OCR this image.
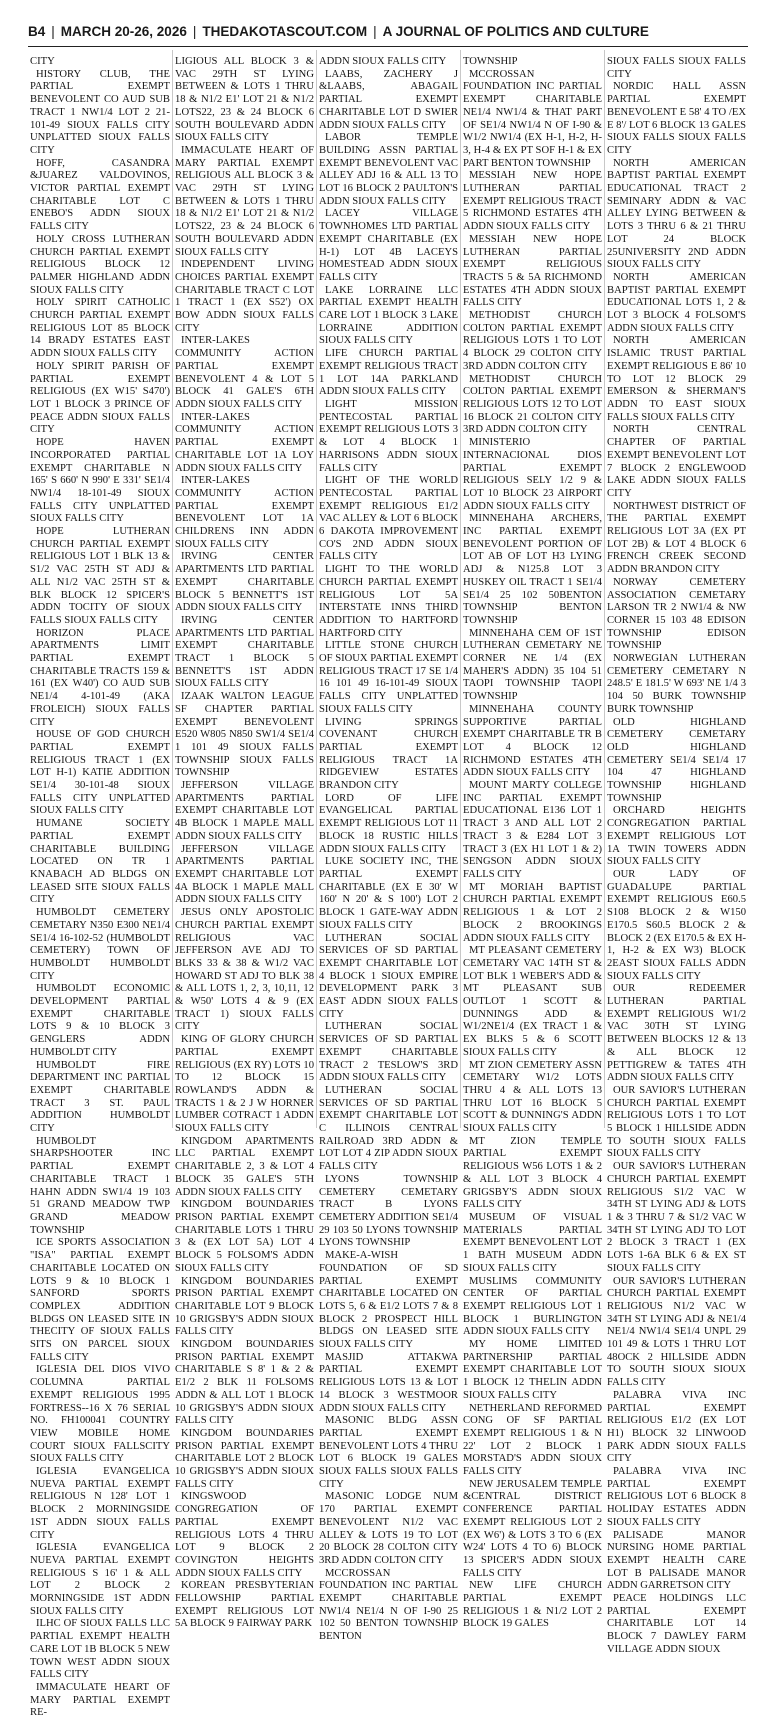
B4 | MARCH 20-26, 2026 | THEDAKOTASCOUT.COM | A JOURNAL OF POLITICS AND CULTURE

CITY

HISTORY CLUB, THE PARTIAL EXEMPT BENEVOLENT CO AUD SUB TRACT 1 NW1/4 LOT 2 21-101-49 SIOUX FALLS CITY UNPLATTED SIOUX FALLS CITY

HOFF, CASANDRA &JUAREZ VALDOVINOS, VICTOR PARTIAL EXEMPT CHARITABLE LOT C ENEBO'S ADDN SIOUX FALLS CITY

HOLY CROSS LUTHERAN CHURCH PARTIAL EXEMPT RELIGIOUS BLOCK 12 PALMER HIGHLAND ADDN SIOUX FALLS CITY

HOLY SPIRIT CATHOLIC CHURCH PARTIAL EXEMPT RELIGIOUS LOT 85 BLOCK 14 BRADY ESTATES EAST ADDN SIOUX FALLS CITY

HOLY SPIRIT PARISH OF PARTIAL EXEMPT RELIGIOUS (EX W15' S470') LOT 1 BLOCK 3 PRINCE OF PEACE ADDN SIOUX FALLS CITY

HOPE HAVEN INCORPORATED PARTIAL EXEMPT CHARITABLE N 165' S 660' N 990' E 331' SE1/4 NW1/4 18-101-49 SIOUX FALLS CITY UNPLATTED SIOUX FALLS CITY

HOPE LUTHERAN CHURCH PARTIAL EXEMPT RELIGIOUS LOT 1 BLK 13 & S1/2 VAC 25TH ST ADJ & ALL N1/2 VAC 25TH ST & BLK BLOCK 12 SPICER'S ADDN TOCITY OF SIOUX FALLS SIOUX FALLS CITY

HORIZON PLACE APARTMENTS LIMIT PARTIAL EXEMPT CHARITABLE TRACTS 159 & 161 (EX W40') CO AUD SUB NE1/4 4-101-49 (AKA FROLEICH) SIOUX FALLS CITY

HOUSE OF GOD CHURCH PARTIAL EXEMPT RELIGIOUS TRACT 1 (EX LOT H-1) KATIE ADDITION SE1/4 30-101-48 SIOUX FALLS CITY UNPLATTED SIOUX FALLS CITY

HUMANE SOCIETY PARTIAL EXEMPT CHARITABLE BUILDING LOCATED ON TR 1 KNABACH AD BLDGS ON LEASED SITE SIOUX FALLS CITY

HUMBOLDT CEMETERY CEMETARY N350 E300 NE1/4 SE1/4 16-102-52 (HUMBOLDT CEMETERY) TOWN OF HUMBOLDT HUMBOLDT CITY

HUMBOLDT ECONOMIC DEVELOPMENT PARTIAL EXEMPT CHARITABLE LOTS 9 & 10 BLOCK 3 GENGLERS ADDN HUMBOLDT CITY

HUMBOLDT FIRE DEPARTMENT INC PARTIAL EXEMPT CHARITABLE TRACT 3 ST. PAUL ADDITION HUMBOLDT CITY

HUMBOLDT SHARPSHOOTER INC PARTIAL EXEMPT CHARITABLE TRACT 1 HAHN ADDN SW1/4 19 103 51 GRAND MEADOW TWP GRAND MEADOW TOWNSHIP

ICE SPORTS ASSOCIATION "ISA" PARTIAL EXEMPT CHARITABLE LOCATED ON LOTS 9 & 10 BLOCK 1 SANFORD SPORTS COMPLEX ADDITION BLDGS ON LEASED SITE IN THECITY OF SIOUX FALLS SITS ON PARCEL SIOUX FALLS CITY

IGLESIA DEL DIOS VIVO COLUMNA PARTIAL EXEMPT RELIGIOUS 1995 FORTRESS--16 X 76 SERIAL NO. FH100041 COUNTRY VIEW MOBILE HOME COURT SIOUX FALLSCITY SIOUX FALLS CITY

IGLESIA EVANGELICA NUEVA PARTIAL EXEMPT RELIGIOUS N 128' LOT 1 BLOCK 2 MORNINGSIDE 1ST ADDN SIOUX FALLS CITY

IGLESIA EVANGELICA NUEVA PARTIAL EXEMPT RELIGIOUS S 16' 1 & ALL LOT 2 BLOCK 2 MORNINGSIDE 1ST ADDN SIOUX FALLS CITY

ILHC OF SIOUX FALLS LLC PARTIAL EXEMPT HEALTH CARE LOT 1B BLOCK 5 NEW TOWN WEST ADDN SIOUX FALLS CITY

IMMACULATE HEART OF MARY PARTIAL EXEMPT RE-

LIGIOUS ALL BLOCK 3 & VAC 29TH ST LYING BETWEEN & LOTS 1 THRU 18 & N1/2 E1' LOT 21 & N1/2 LOTS22, 23 & 24 BLOCK 6 SOUTH BOULEVARD ADDN SIOUX FALLS CITY

IMMACULATE HEART OF MARY PARTIAL EXEMPT RELIGIOUS ALL BLOCK 3 & VAC 29TH ST LYING BETWEEN & LOTS 1 THRU 18 & N1/2 E1' LOT 21 & N1/2 LOTS22, 23 & 24 BLOCK 6 SOUTH BOULEVARD ADDN SIOUX FALLS CITY

INDEPENDENT LIVING CHOICES PARTIAL EXEMPT CHARITABLE TRACT C LOT 1 TRACT 1 (EX S52') OX BOW ADDN SIOUX FALLS CITY

INTER-LAKES COMMUNITY ACTION PARTIAL EXEMPT BENEVOLENT 4 & LOT 5 BLOCK 41 GALE'S 6TH ADDN SIOUX FALLS CITY

INTER-LAKES COMMUNITY ACTION PARTIAL EXEMPT CHARITABLE LOT 1A LOY ADDN SIOUX FALLS CITY

INTER-LAKES COMMUNITY ACTION PARTIAL EXEMPT BENEVOLENT LOT 1A CHILDRENS INN ADDN SIOUX FALLS CITY

IRVING CENTER APARTMENTS LTD PARTIAL EXEMPT CHARITABLE BLOCK 5 BENNETT'S 1ST ADDN SIOUX FALLS CITY

IRVING CENTER APARTMENTS LTD PARTIAL EXEMPT CHARITABLE TRACT 1 BLOCK 5 BENNETT'S 1ST ADDN SIOUX FALLS CITY

IZAAK WALTON LEAGUE SF CHAPTER PARTIAL EXEMPT BENEVOLENT E520 W805 N850 SW1/4 SE1/4 1 101 49 SIOUX FALLS TOWNSHIP SIOUX FALLS TOWNSHIP

JEFFERSON VILLAGE APARTMENTS PARTIAL EXEMPT CHARITABLE LOT 4B BLOCK 1 MAPLE MALL ADDN SIOUX FALLS CITY

JEFFERSON VILLAGE APARTMENTS PARTIAL EXEMPT CHARITABLE LOT 4A BLOCK 1 MAPLE MALL ADDN SIOUX FALLS CITY

JESUS ONLY APOSTOLIC CHURCH PARTIAL EXEMPT RELIGIOUS VAC JEFFERSON AVE ADJ TO BLKS 33 & 38 & W1/2 VAC HOWARD ST ADJ TO BLK 38 & ALL LOTS 1, 2, 3, 10,11, 12 & W50' LOTS 4 & 9 (EX TRACT 1) SIOUX FALLS CITY

KING OF GLORY CHURCH PARTIAL EXEMPT RELIGIOUS (EX RY) LOTS 10 TO 12 BLOCK 15 ROWLAND'S ADDN & TRACTS 1 & 2 J W HORNER LUMBER COTRACT 1 ADDN SIOUX FALLS CITY

KINGDOM APARTMENTS LLC PARTIAL EXEMPT CHARITABLE 2, 3 & LOT 4 BLOCK 35 GALE'S 5TH ADDN SIOUX FALLS CITY

KINGDOM BOUNDARIES PRISON PARTIAL EXEMPT CHARITABLE LOTS 1 THRU 3 & (EX LOT 5A) LOT 4 BLOCK 5 FOLSOM'S ADDN SIOUX FALLS CITY

KINGDOM BOUNDARIES PRISON PARTIAL EXEMPT CHARITABLE LOT 9 BLOCK 10 GRIGSBY'S ADDN SIOUX FALLS CITY

KINGDOM BOUNDARIES PRISON PARTIAL EXEMPT CHARITABLE S 8' 1 & 2 & E1/2 2 BLK 11 FOLSOMS ADDN & ALL LOT 1 BLOCK 10 GRIGSBY'S ADDN SIOUX FALLS CITY

KINGDOM BOUNDARIES PRISON PARTIAL EXEMPT CHARITABLE LOT 2 BLOCK 10 GRIGSBY'S ADDN SIOUX FALLS CITY

KINGSWOOD CONGREGATION OF PARTIAL EXEMPT RELIGIOUS LOTS 4 THRU LOT 9 BLOCK 2 COVINGTON HEIGHTS ADDN SIOUX FALLS CITY

KOREAN PRESBYTERIAN FELLOWSHIP PARTIAL EXEMPT RELIGIOUS LOT 5A BLOCK 9 FAIRWAY PARK

ADDN SIOUX FALLS CITY

LAABS, ZACHERY J &LAABS, ABAGAIL PARTIAL EXEMPT CHARITABLE LOT D SWIER ADDN SIOUX FALLS CITY

LABOR TEMPLE BUILDING ASSN PARTIAL EXEMPT BENEVOLENT VAC ALLEY ADJ 16 & ALL 13 TO LOT 16 BLOCK 2 PAULTON'S ADDN SIOUX FALLS CITY

LACEY VILLAGE TOWNHOMES LTD PARTIAL EXEMPT CHARITABLE (EX H-1) LOT 4B LACEYS HOMESTEAD ADDN SIOUX FALLS CITY

LAKE LORRAINE LLC PARTIAL EXEMPT HEALTH CARE LOT 1 BLOCK 3 LAKE LORRAINE ADDITION SIOUX FALLS CITY

LIFE CHURCH PARTIAL EXEMPT RELIGIOUS TRACT 1 LOT 14A PARKLAND ADDN SIOUX FALLS CITY

LIGHT MISSION PENTECOSTAL PARTIAL EXEMPT RELIGIOUS LOTS 3 & LOT 4 BLOCK 1 HARRISONS ADDN SIOUX FALLS CITY

LIGHT OF THE WORLD PENTECOSTAL PARTIAL EXEMPT RELIGIOUS E1/2 VAC ALLEY & LOT 6 BLOCK 6 DAKOTA IMPROVEMENT CO'S 2ND ADDN SIOUX FALLS CITY

LIGHT TO THE WORLD CHURCH PARTIAL EXEMPT RELIGIOUS LOT 5A INTERSTATE INNS THIRD ADDITION TO HARTFORD HARTFORD CITY

LITTLE STONE CHURCH OF SIOUX PARTIAL EXEMPT RELIGIOUS TRACT 17 SE 1/4 16 101 49 16-101-49 SIOUX FALLS CITY UNPLATTED SIOUX FALLS CITY

LIVING SPRINGS COVENANT CHURCH PARTIAL EXEMPT RELIGIOUS TRACT 1A RIDGEVIEW ESTATES BRANDON CITY

LORD OF LIFE EVANGELICAL PARTIAL EXEMPT RELIGIOUS LOT 11 BLOCK 18 RUSTIC HILLS ADDN SIOUX FALLS CITY

LUKE SOCIETY INC, THE PARTIAL EXEMPT CHARITABLE (EX E 30' W 160' N 20' & S 100') LOT 2 BLOCK 1 GATE-WAY ADDN SIOUX FALLS CITY

LUTHERAN SOCIAL SERVICES OF SD PARTIAL EXEMPT CHARITABLE LOT 4 BLOCK 1 SIOUX EMPIRE DEVELOPMENT PARK 3 EAST ADDN SIOUX FALLS CITY

LUTHERAN SOCIAL SERVICES OF SD PARTIAL EXEMPT CHARITABLE TRACT 2 TESLOW'S 3RD ADDN SIOUX FALLS CITY

LUTHERAN SOCIAL SERVICES OF SD PARTIAL EXEMPT CHARITABLE LOT C ILLINOIS CENTRAL RAILROAD 3RD ADDN & LOT LOT 4 ZIP ADDN SIOUX FALLS CITY

LYONS TOWNSHIP CEMETERY CEMETARY TRACT B LYONS CEMETERY ADDITION SE1/4 29 103 50 LYONS TOWNSHIP LYONS TOWNSHIP

MAKE-A-WISH FOUNDATION OF SD PARTIAL EXEMPT CHARITABLE LOCATED ON LOTS 5, 6 & E1/2 LOTS 7 & 8 BLOCK 2 PROSPECT HILL BLDGS ON LEASED SITE SIOUX FALLS CITY

MASJID ATTAKWA PARTIAL EXEMPT RELIGIOUS LOTS 13 & LOT 14 BLOCK 3 WESTMOOR ADDN SIOUX FALLS CITY

MASONIC BLDG ASSN PARTIAL EXEMPT BENEVOLENT LOTS 4 THRU LOT 6 BLOCK 19 GALES SIOUX FALLS SIOUX FALLS CITY

MASONIC LODGE NUM 170 PARTIAL EXEMPT BENEVOLENT N1/2 VAC ALLEY & LOTS 19 TO LOT 20 BLOCK 28 COLTON CITY 3RD ADDN COLTON CITY

MCCROSSAN FOUNDATION INC PARTIAL EXEMPT CHARITABLE NW1/4 NE1/4 N OF I-90 25 102 50 BENTON TOWNSHIP BENTON

TOWNSHIP

MCCROSSAN FOUNDATION INC PARTIAL EXEMPT CHARITABLE NE1/4 NW1/4 & THAT PART OF SE1/4 NW1/4 N OF I-90 & W1/2 NW1/4 (EX H-1, H-2, H-3, H-4 & EX PT SOF H-1 & EX PART BENTON TOWNSHIP

MESSIAH NEW HOPE LUTHERAN PARTIAL EXEMPT RELIGIOUS TRACT 5 RICHMOND ESTATES 4TH ADDN SIOUX FALLS CITY

MESSIAH NEW HOPE LUTHERAN PARTIAL EXEMPT RELIGIOUS TRACTS 5 & 5A RICHMOND ESTATES 4TH ADDN SIOUX FALLS CITY

METHODIST CHURCH COLTON PARTIAL EXEMPT RELIGIOUS LOTS 1 TO LOT 4 BLOCK 29 COLTON CITY 3RD ADDN COLTON CITY

METHODIST CHURCH COLTON PARTIAL EXEMPT RELIGIOUS LOTS 12 TO LOT 16 BLOCK 21 COLTON CITY 3RD ADDN COLTON CITY

MINISTERIO INTERNACIONAL DIOS PARTIAL EXEMPT RELIGIOUS SELY 1/2 9 & LOT 10 BLOCK 23 AIRPORT ADDN SIOUX FALLS CITY

MINNEHAHA ARCHERS, INC PARTIAL EXEMPT BENEVOLENT PORTION OF LOT AB OF LOT H3 LYING ADJ & N125.8 LOT 3 HUSKEY OIL TRACT 1 SE1/4 SE1/4 25 102 50BENTON TOWNSHIP BENTON TOWNSHIP

MINNEHAHA CEM OF 1ST LUTHERAN CEMETARY NE CORNER NE 1/4 (EX MAHER'S ADDN) 35 104 51 TAOPI TOWNSHIP TAOPI TOWNSHIP

MINNEHAHA COUNTY SUPPORTIVE PARTIAL EXEMPT CHARITABLE TR B LOT 4 BLOCK 12 RICHMOND ESTATES 4TH ADDN SIOUX FALLS CITY

MOUNT MARTY COLLEGE INC PARTIAL EXEMPT EDUCATIONAL E136 LOT 1 TRACT 3 AND ALL LOT 2 TRACT 3 & E284 LOT 3 TRACT 3 (EX H1 LOT 1 & 2) SENGSON ADDN SIOUX FALLS CITY

MT MORIAH BAPTIST CHURCH PARTIAL EXEMPT RELIGIOUS 1 & LOT 2 BLOCK 2 BROOKINGS ADDN SIOUX FALLS CITY

MT PLEASANT CEMETERY CEMETARY VAC 14TH ST & LOT BLK 1 WEBER'S ADD & MT PLEASANT SUB OUTLOT 1 SCOTT & DUNNINGS ADD & W1/2NE1/4 (EX TRACT 1 & EX BLKS 5 & 6 SCOTT SIOUX FALLS CITY

MT ZION CEMETERY ASSN CEMETARY W1/2 LOTS THRU 4 & ALL LOTS 13 THRU LOT 16 BLOCK 5 SCOTT & DUNNING'S ADDN SIOUX FALLS CITY

MT ZION TEMPLE PARTIAL EXEMPT RELIGIOUS W56 LOTS 1 & 2 & ALL LOT 3 BLOCK 4 GRIGSBY'S ADDN SIOUX FALLS CITY

MUSEUM OF VISUAL MATERIALS PARTIAL EXEMPT BENEVOLENT LOT 1 BATH MUSEUM ADDN SIOUX FALLS CITY

MUSLIMS COMMUNITY CENTER OF PARTIAL EXEMPT RELIGIOUS LOT 1 BLOCK 1 BURLINGTON ADDN SIOUX FALLS CITY

MY HOME LIMITED PARTNERSHIP PARTIAL EXEMPT CHARITABLE LOT 1 BLOCK 12 THELIN ADDN SIOUX FALLS CITY

NETHERLAND REFORMED CONG OF SF PARTIAL EXEMPT RELIGIOUS 1 & N 22' LOT 2 BLOCK 1 MORSTAD'S ADDN SIOUX FALLS CITY

NEW JERUSALEM TEMPLE &CENTRAL DISTRICT CONFERENCE PARTIAL EXEMPT RELIGIOUS LOT 2 (EX W6') & LOTS 3 TO 6 (EX W24' LOTS 4 TO 6) BLOCK 13 SPICER'S ADDN SIOUX FALLS CITY

NEW LIFE CHURCH PARTIAL EXEMPT RELIGIOUS 1 & N1/2 LOT 2 BLOCK 19 GALES

SIOUX FALLS SIOUX FALLS CITY

NORDIC HALL ASSN PARTIAL EXEMPT BENEVOLENT E 58' 4 TO /EX E 8'/ LOT 6 BLOCK 13 GALES SIOUX FALLS SIOUX FALLS CITY

NORTH AMERICAN BAPTIST PARTIAL EXEMPT EDUCATIONAL TRACT 2 SEMINARY ADDN & VAC ALLEY LYING BETWEEN & LOTS 3 THRU 6 & 21 THRU LOT 24 BLOCK 25UNIVERSITY 2ND ADDN SIOUX FALLS CITY

NORTH AMERICAN BAPTIST PARTIAL EXEMPT EDUCATIONAL LOTS 1, 2 & LOT 3 BLOCK 4 FOLSOM'S ADDN SIOUX FALLS CITY

NORTH AMERICAN ISLAMIC TRUST PARTIAL EXEMPT RELIGIOUS E 86' 10 TO LOT 12 BLOCK 29 EMERSON & SHERMAN'S ADDN TO EAST SIOUX FALLS SIOUX FALLS CITY

NORTH CENTRAL CHAPTER OF PARTIAL EXEMPT BENEVOLENT LOT 7 BLOCK 2 ENGLEWOOD LAKE ADDN SIOUX FALLS CITY

NORTHWEST DISTRICT OF THE PARTIAL EXEMPT RELIGIOUS LOT 3A (EX PT LOT 2B) & LOT 4 BLOCK 6 FRENCH CREEK SECOND ADDN BRANDON CITY

NORWAY CEMETERY ASSOCIATION CEMETARY LARSON TR 2 NW1/4 & NW CORNER 15 103 48 EDISON TOWNSHIP EDISON TOWNSHIP

NORWEGIAN LUTHERAN CEMETERY CEMETARY N 248.5' E 181.5' W 693' NE 1/4 3 104 50 BURK TOWNSHIP BURK TOWNSHIP

OLD HIGHLAND CEMETERY CEMETARY OLD HIGHLAND CEMETERY SE1/4 SE1/4 17 104 47 HIGHLAND TOWNSHIP HIGHLAND TOWNSHIP

ORCHARD HEIGHTS CONGREGATION PARTIAL EXEMPT RELIGIOUS LOT 1A TWIN TOWERS ADDN SIOUX FALLS CITY

OUR LADY OF GUADALUPE PARTIAL EXEMPT RELIGIOUS E60.5 S108 BLOCK 2 & W150 E170.5 S60.5 BLOCK 2 & BLOCK 2 (EX E170.5 & EX H-1, H-2 & EX W3) BLOCK 2EAST SIOUX FALLS ADDN SIOUX FALLS CITY

OUR REDEEMER LUTHERAN PARTIAL EXEMPT RELIGIOUS W1/2 VAC 30TH ST LYING BETWEEN BLOCKS 12 & 13 & ALL BLOCK 12 PETTIGREW & TATES 4TH ADDN SIOUX FALLS CITY

OUR SAVIOR'S LUTHERAN CHURCH PARTIAL EXEMPT RELIGIOUS LOTS 1 TO LOT 5 BLOCK 1 HILLSIDE ADDN TO SOUTH SIOUX FALLS SIOUX FALLS CITY

OUR SAVIOR'S LUTHERAN CHURCH PARTIAL EXEMPT RELIGIOUS S1/2 VAC W 34TH ST LYING ADJ & LOTS 1 & 3 THRU 7 & S1/2 VAC W 34TH ST LYING ADJ TO LOT 2 BLOCK 3 TRACT 1 (EX LOTS 1-6A BLK 6 & EX ST SIOUX FALLS CITY

OUR SAVIOR'S LUTHERAN CHURCH PARTIAL EXEMPT RELIGIOUS N1/2 VAC W 34TH ST LYING ADJ & NE1/4 NE1/4 NW1/4 SE1/4 UNPL 29 101 49 & LOTS 1 THRU LOT 48OCK 2 HILLSIDE ADDN TO SOUTH SIOUX SIOUX FALLS CITY

PALABRA VIVA INC PARTIAL EXEMPT RELIGIOUS E1/2 (EX LOT H1) BLOCK 32 LINWOOD PARK ADDN SIOUX FALLS CITY

PALABRA VIVA INC PARTIAL EXEMPT RELIGIOUS LOT 6 BLOCK 8 HOLIDAY ESTATES ADDN SIOUX FALLS CITY

PALISADE MANOR NURSING HOME PARTIAL EXEMPT HEALTH CARE LOT B PALISADE MANOR ADDN GARRETSON CITY

PEACE HOLDINGS LLC PARTIAL EXEMPT CHARITABLE LOT 14 BLOCK 7 DAWLEY FARM VILLAGE ADDN SIOUX
